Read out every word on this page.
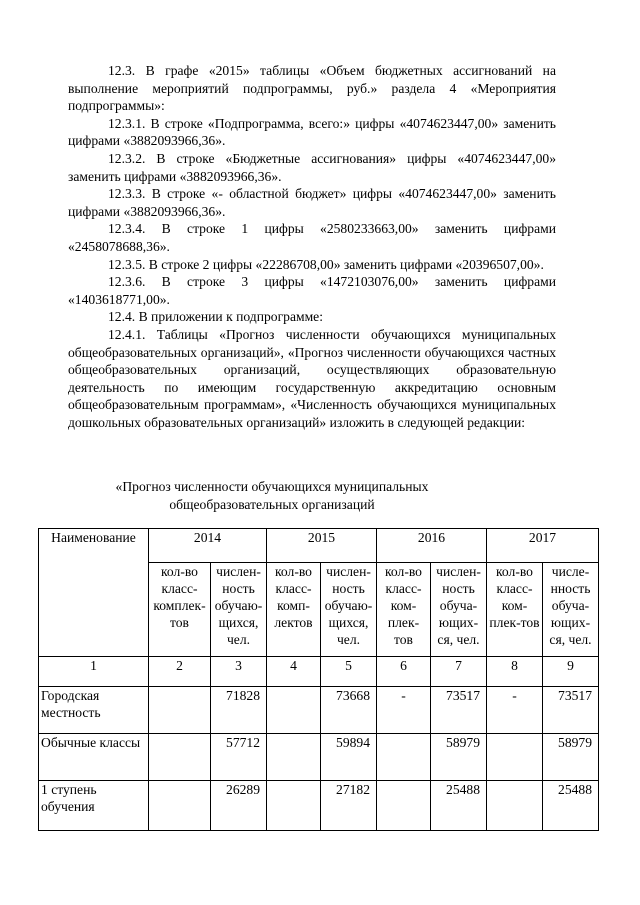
12.3. В графе «2015» таблицы «Объем бюджетных ассигнований на выполнение мероприятий подпрограммы, руб.» раздела 4 «Мероприятия подпрограммы»:

12.3.1. В строке «Подпрограмма, всего:» цифры «4074623447,00» заменить цифрами «3882093966,36».

12.3.2. В строке «Бюджетные ассигнования» цифры «4074623447,00» заменить цифрами «3882093966,36».

12.3.3. В строке «- областной бюджет» цифры «4074623447,00» заменить цифрами «3882093966,36».

12.3.4. В строке 1 цифры «2580233663,00» заменить цифрами «2458078688,36».

12.3.5. В строке 2 цифры «22286708,00» заменить цифрами «20396507,00».

12.3.6. В строке 3 цифры «1472103076,00» заменить цифрами «1403618771,00».

12.4. В приложении к подпрограмме:

12.4.1. Таблицы «Прогноз численности обучающихся муниципальных общеобразовательных организаций», «Прогноз численности обучающихся частных общеобразовательных организаций, осуществляющих образовательную деятельность по имеющим государственную аккредитацию основным общеобразовательным программам», «Численность обучающихся муниципальных дошкольных образовательных организаций» изложить в следующей редакции:

«Прогноз численности обучающихся муниципальных
общеобразовательных организаций
Наименование	2014		2015		2016		2017	
	кол-во класс-комплек-тов	числен-ность обучаю-щихся, чел.	кол-во класс-комп-лектов	числен-ность обучаю-щихся, чел.	кол-во класс-ком-плек-тов	числен-ность обуча-ющих-ся, чел.	кол-во класс-ком-плек-тов	числе-нность обуча-ющих-ся, чел.
1	2	3	4	5	6	7	8	9
Городская местность		71828		73668	-	73517	-	73517
Обычные классы		57712		59894		58979		58979
1 ступень обучения		26289		27182		25488		25488
